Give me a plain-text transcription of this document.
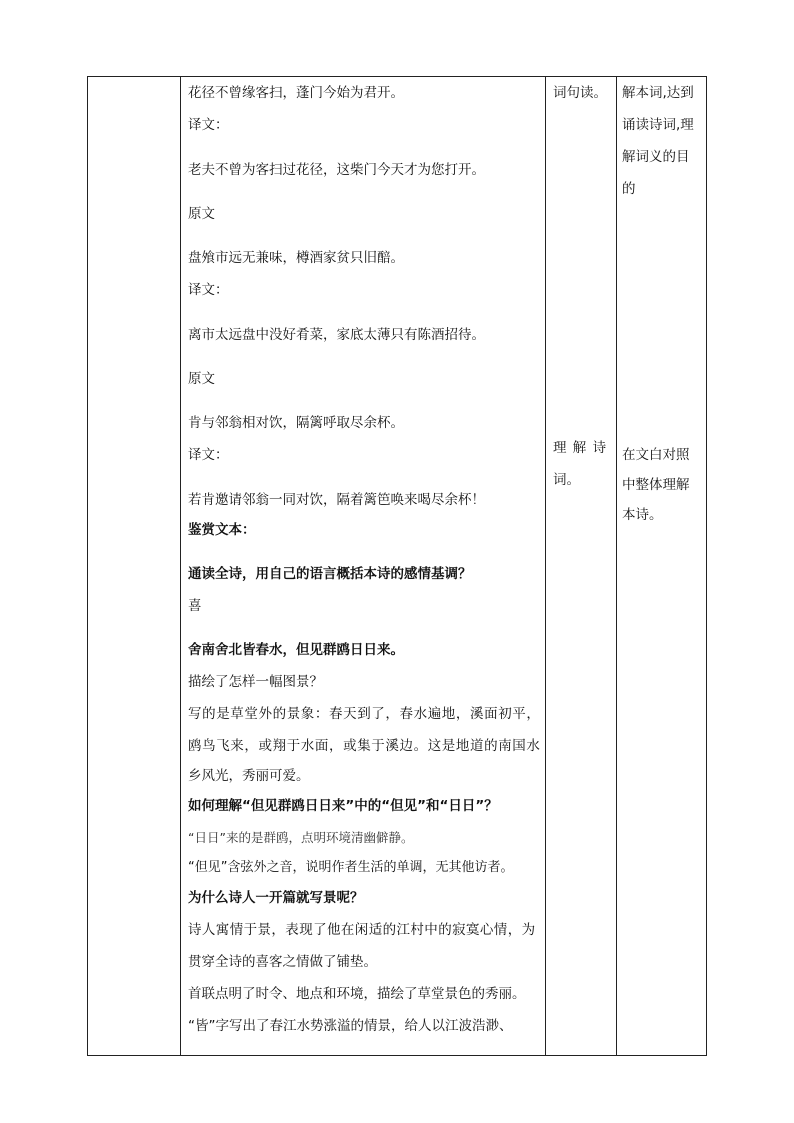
花径不曾缘客扫，蓬门今始为君开。
译文：
老夫不曾为客扫过花径，这柴门今天才为您打开。
原文
盘飧市远无兼味，樽酒家贫只旧醅。
译文：
离市太远盘中没好肴菜，家底太薄只有陈酒招待。
原文
肯与邻翁相对饮，隔篱呼取尽余杯。
译文：
若肯邀请邻翁一同对饮，隔着篱笆唤来喝尽余杯！
鉴赏文本：
通读全诗，用自己的语言概括本诗的感情基调？
喜
舍南舍北皆春水，但见群鸥日日来。
描绘了怎样一幅图景？
写的是草堂外的景象：春天到了，春水遍地，溪面初平，
鸥鸟飞来，或翔于水面，或集于溪边。这是地道的南国水
乡风光，秀丽可爱。
如何理解“但见群鸥日日来”中的“但见”和“日日”？
“日日”来的是群鸥，点明环境清幽僻静。
“但见”含弦外之音，说明作者生活的单调，无其他访者。
为什么诗人一开篇就写景呢？
诗人寓情于景，表现了他在闲适的江村中的寂寞心情，为
贯穿全诗的喜客之情做了铺垫。
首联点明了时令、地点和环境，描绘了草堂景色的秀丽。
“皆”字写出了春江水势涨溢的情景，给人以江波浩渺、
词句读。
理 解 诗
词。
解本词,达到
诵读诗词,理
解词义的目
的
在文白对照
中整体理解
本诗。
